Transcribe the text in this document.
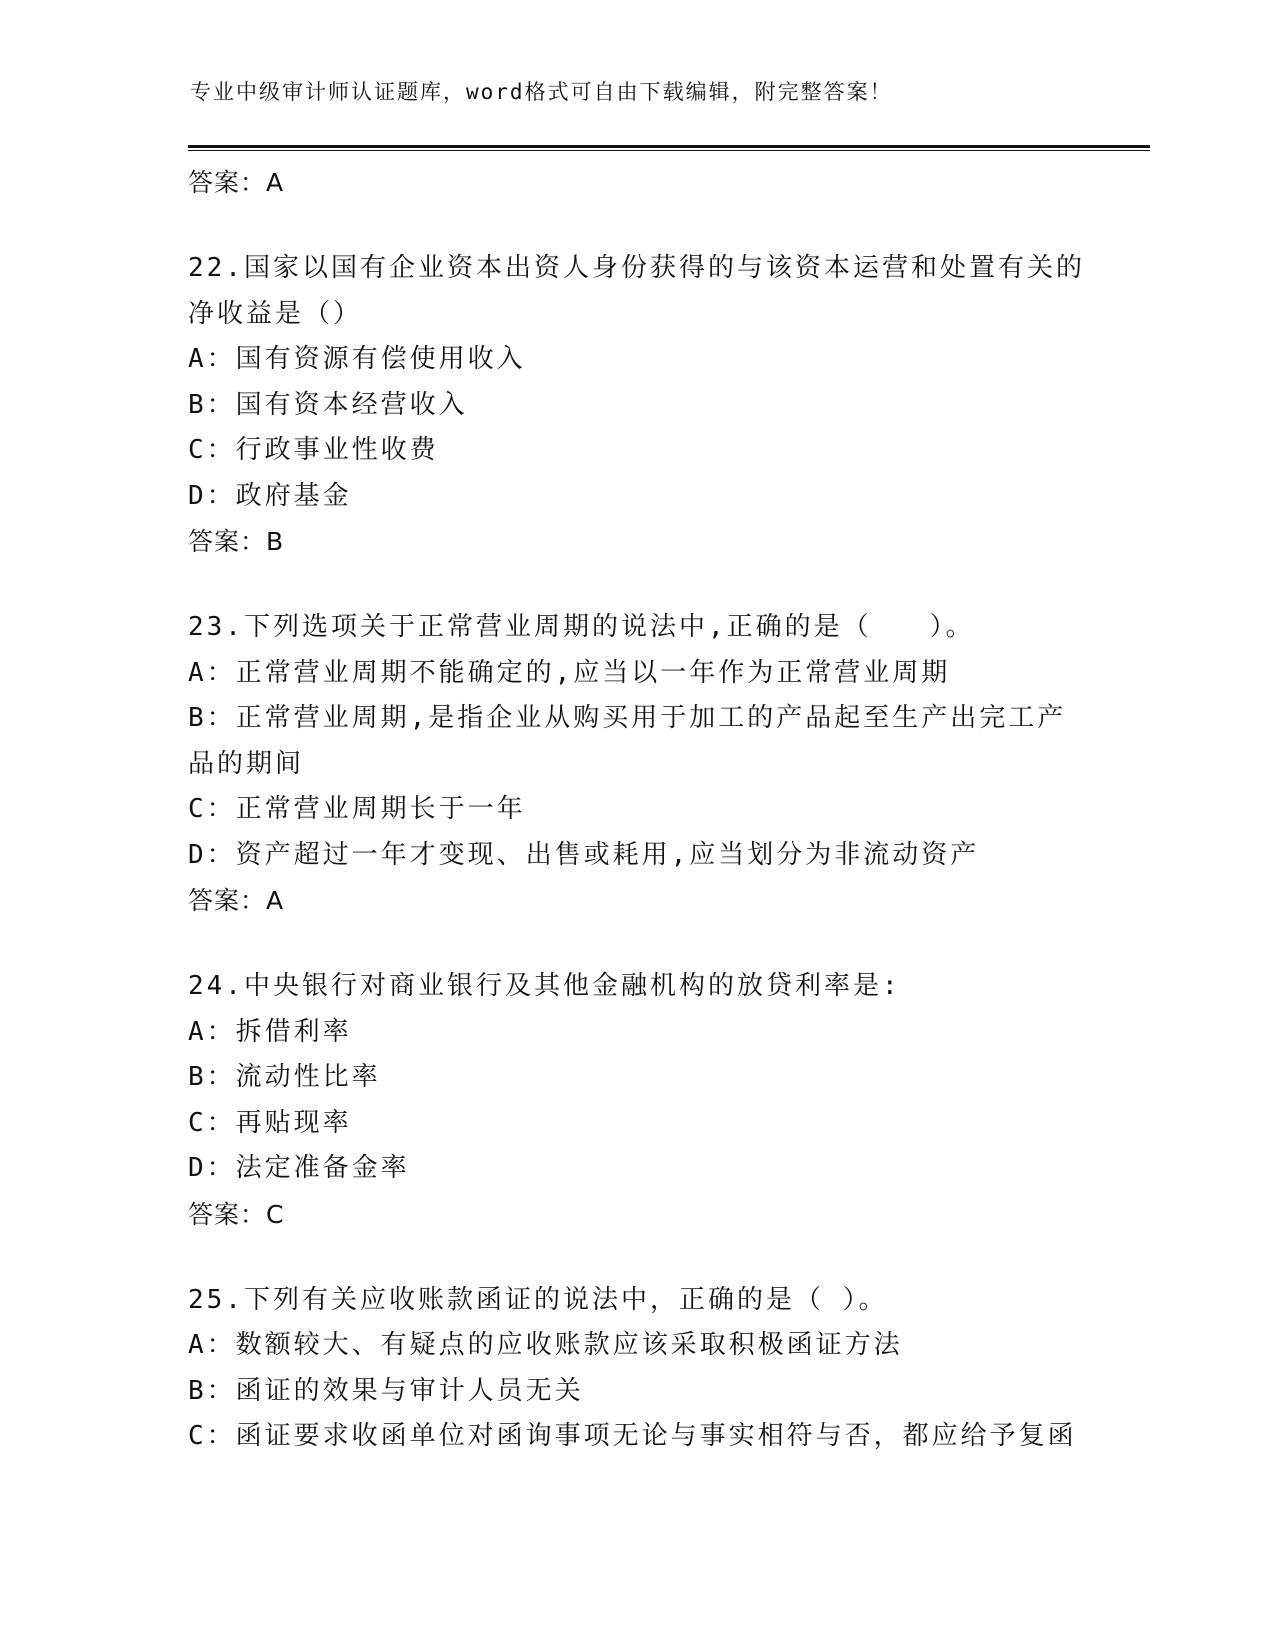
专业中级审计师认证题库，word格式可自由下载编辑，附完整答案！
答案：A
22.国家以国有企业资本出资人身份获得的与该资本运营和处置有关的
净收益是（）
A：国有资源有偿使用收入
B：国有资本经营收入
C：行政事业性收费
D：政府基金
答案：B
23.下列选项关于正常营业周期的说法中,正确的是（　　）。
A：正常营业周期不能确定的,应当以一年作为正常营业周期
B：正常营业周期,是指企业从购买用于加工的产品起至生产出完工产
品的期间
C：正常营业周期长于一年
D：资产超过一年才变现、出售或耗用,应当划分为非流动资产
答案：A
24.中央银行对商业银行及其他金融机构的放贷利率是:
A：拆借利率
B：流动性比率
C：再贴现率
D：法定准备金率
答案：C
25.下列有关应收账款函证的说法中，正确的是（ ）。
A：数额较大、有疑点的应收账款应该采取积极函证方法
B：函证的效果与审计人员无关
C：函证要求收函单位对函询事项无论与事实相符与否，都应给予复函
